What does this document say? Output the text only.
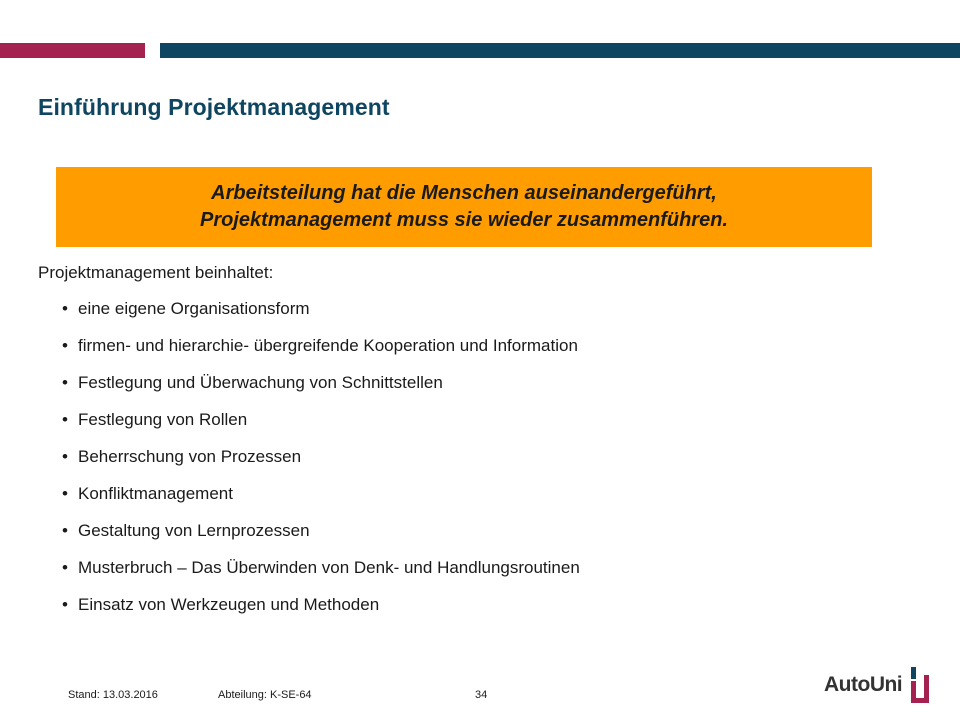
Einführung Projektmanagement
Arbeitsteilung hat die Menschen auseinandergeführt,
Projektmanagement muss sie wieder zusammenführen.
Projektmanagement beinhaltet:
• eine eigene Organisationsform
• firmen- und hierarchie- übergreifende Kooperation und Information
• Festlegung und Überwachung von Schnittstellen
• Festlegung von Rollen
• Beherrschung von Prozessen
• Konfliktmanagement
• Gestaltung von Lernprozessen
• Musterbruch – Das Überwinden von Denk- und Handlungsroutinen
• Einsatz von Werkzeugen und Methoden
Stand: 13.03.2016	Abteilung: K-SE-64	34	AutoUni
